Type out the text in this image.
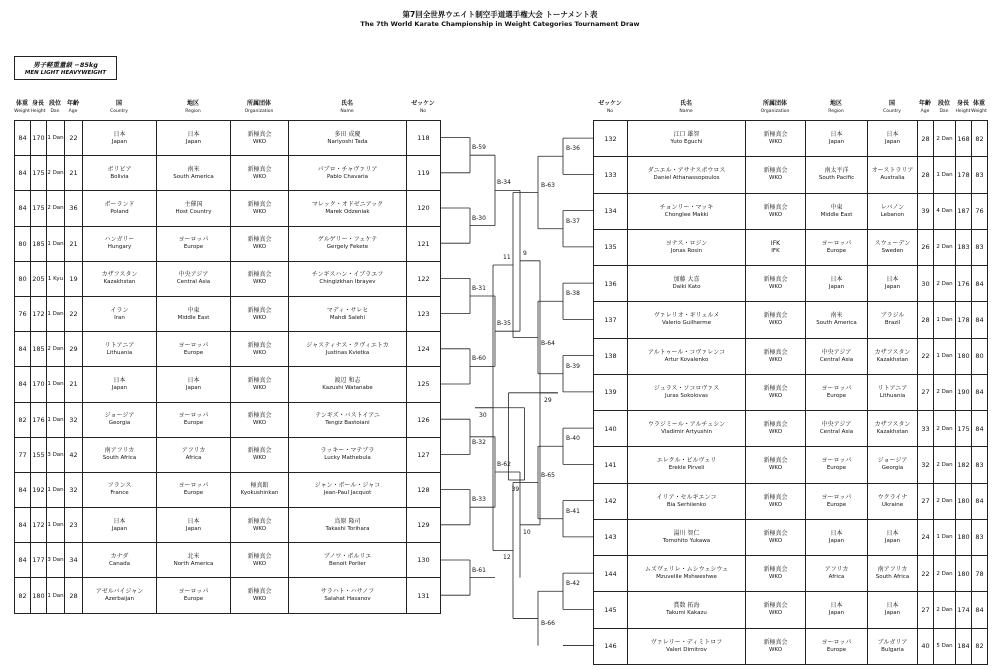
第7回全世界ウエイト制空手道選手権大会 トーナメント表
The 7th World Karate Championship in Weight Categories Tournament Draw
男子軽重量級 −85kg
MEN LIGHT HEAVYWEIGHT
体重
Weight
身長
Height
段位
Dan
年齢
Age
国
Country
地区
Region
所属団体
Organization
氏名
Name
ゼッケン
No
ゼッケン
No
氏名
Name
所属団体
Organization
地区
Region
国
Country
年齢
Age
段位
Dan
身長
Height
体重
Weight
84 170 1 Dan 22	日本
Japan
日本
Japan
新極真会
WKO
多田 成慶
Nariyoshi Tada	118
84 175 2 Dan 21	ボリビア
Bolivia
南米
South America
新極真会
WKO
パブロ・チャヴァリア
Pablo Chavaria	119
84 175 2 Dan 36	ポーランド
Poland
主催国
Host Country
新極真会
WKO
マレック・オドゼニアック
Marek Odzeniak	120
80 185 1 Dan 21	ハンガリー
Hungary
ヨーロッパ
Europe
新極真会
WKO
ゲルゲリー・フェケテ
Gergely Fekete	121
80 205 1 Kyu 19	カザフスタン
Kazakhstan
中央アジア
Central Asia
新極真会
WKO
チンギスハン・イブラエフ
Chingizkhan Ibrayev	122
76 172 1 Dan 22	イラン
Iran
中東
Middle East
新極真会
WKO
マディ・サレヒ
Mahdi Salehi	123
84 185 2 Dan 29	リトアニア
Lithuania
ヨーロッパ
Europe
新極真会
WKO
ジャスティナス・クヴィエトカ
Justinas Kvietka	124
84 170 1 Dan 21	日本
Japan
日本
Japan
新極真会
WKO
渡辺 和志
Kazushi Watanabe	125
82 176 1 Dan 32	ジョージア
Georgia
ヨーロッパ
Europe
新極真会
WKO
テンギズ・バストイアニ
Tengiz Bastoiani	126
77 155 3 Dan 42	南アフリカ
South Africa
アフリカ
Africa
新極真会
WKO
ラッキー・マテブラ
Lucky Mathebula	127
84 192 1 Dan 32	フランス
France
ヨーロッパ
Europe
極真館
Kyokushinkan
ジャン・ポール・ジャコ
Jean-Paul Jacquot	128
84 172 1 Dan 23	日本
Japan
日本
Japan
新極真会
WKO
鳥原 隆司
Takashi Torihara	129
84 177 3 Dan 34	カナダ
Canada
北米
North America
新極真会
WKO
ブノワ・ポルリエ
Benoit Porlier	130
82 180 1 Dan 28	アゼルバイジャン
Azerbaijan
ヨーロッパ
Europe
新極真会
WKO
サラハト・ハサノフ
Salahat Hasanov	131
132	江口 雄智
Yuto Eguchi
新極真会
WKO
日本
Japan
日本
Japan	28 2 Dan 168 82
133	ダニエル・アサナスポウロス
Daniel Athanassopoulos
新極真会
WKO
南太平洋
South Pacific
オーストラリア
Australia	28 1 Dan 178 83
134	チョンリー・マッキ
Chonglee Makki
新極真会
WKO
中東
Middle East
レバノン
Lebanon	39 4 Dan 187 76
135	ヨナス・ロジン
Jonas Rosin
IFK
IFK
ヨーロッパ
Europe
スウェーデン
Sweden	26 2 Dan 183 83
136	加藤 大喜
Daiki Kato
新極真会
WKO
日本
Japan
日本
Japan	30 2 Dan 176 84
137	ヴァレリオ・ギリェルメ
Valerio Guilherme
新極真会
WKO
南米
South America
ブラジル
Brazil	28 1 Dan 178 84
138	アルトゥール・コヴァレンコ
Artur Kovalenko
新極真会
WKO
中央アジア
Central Asia
カザフスタン
Kazakhstan 22 1 Dan 180 80
139	ジュラス・ソコロヴァス
Juras Sokolovas
新極真会
WKO
ヨーロッパ
Europe
リトアニア
Lithuania 27 2 Dan 190 84
140	ウラジミール・アルチュシン
Vladimir Artyushin
新極真会
WKO
中央アジア
Central Asia
カザフスタン
Kazakhstan 33 2 Dan 175 84
141	エレクル・ピルヴェリ
Erekle Pirveli
新極真会
WKO
ヨーロッパ
Europe
ジョージア
Georgia	32 2 Dan 182 83
142	イリア・セルギエンコ
Bia Serhiienko
新極真会
WKO
ヨーロッパ
Europe
ウクライナ
Ukraine	27 2 Dan 180 84
143	湯川 智仁
Tomohito Yukawa
新極真会
WKO
日本
Japan
日本
Japan	24 1 Dan 180 83
144	ムズヴェリレ・ムシウェシウェ
Mzuvelile Mshweshwe
新極真会
WKO
アフリカ
Africa
南アフリカ
South Africa 22 2 Dan 180 78
145	賞数 拓海
Takumi Kakazu
新極真会
WKO
日本
Japan
日本
Japan	27 2 Dan 174 84
146	ヴァレリー・ディミトロフ
Valeri Dimitrov
新極真会
WKO
ヨーロッパ
Europe
ブルガリア
Bulgaria	40 5 Dan 184 82
B-59
B-30
B-31
B-60
B-32
B-33
B-61
B-34
B-35
B-62
9
10
29
B-36
B-37
B-38
B-39
B-40
B-41
B-42
B-63
B-64
B-65
B-66
11
12
30
39
